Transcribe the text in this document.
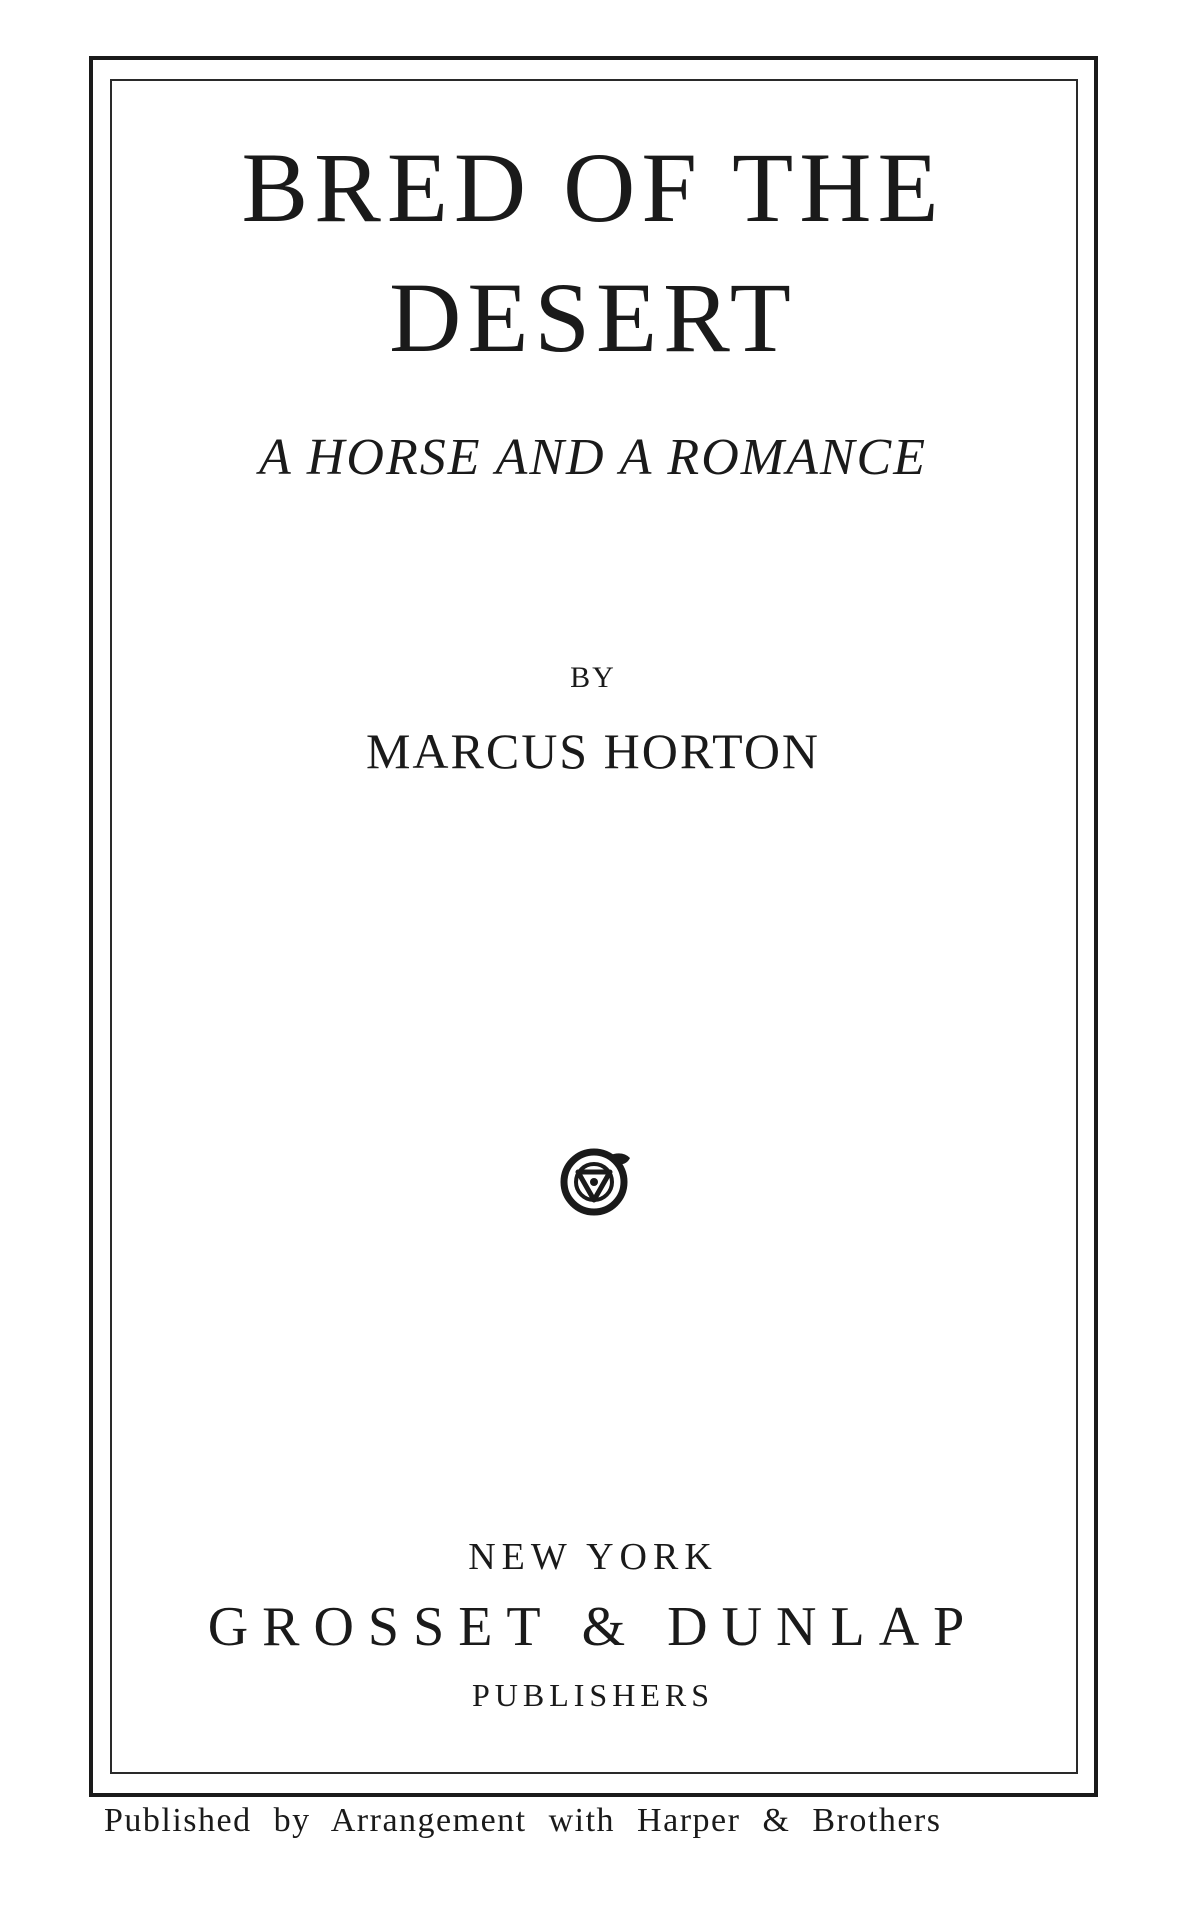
BRED OF THE
DESERT
A HORSE AND A ROMANCE
BY
MARCUS HORTON
NEW YORK
GROSSET & DUNLAP
PUBLISHERS
Published by Arrangement with Harper & Brothers
